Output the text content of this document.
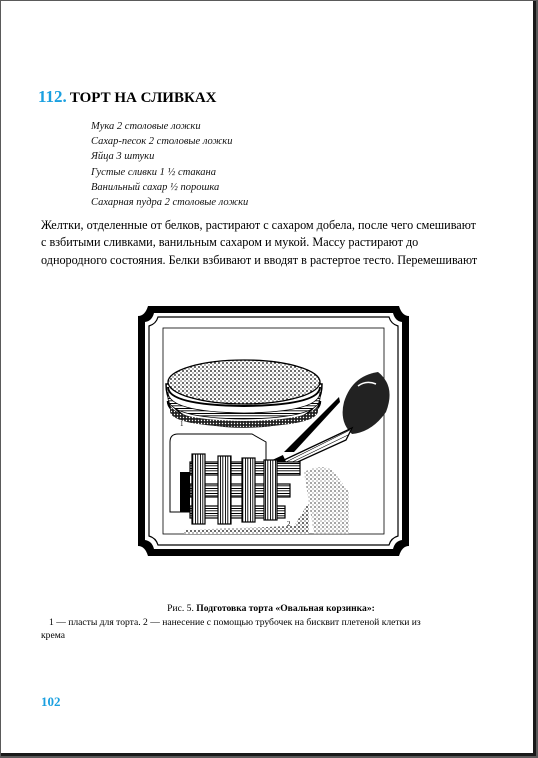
112. ТОРТ НА СЛИВКАХ
Мука 2 столовые ложки
Сахар-песок 2 столовые ложки
Яйца 3 штуки
Густые сливки 1 ½ стакана
Ванильный сахар ½ порошка
Сахарная пудра 2 столовые ложки
Желтки, отделенные от белков, растирают с сахаром добела, после чего смешивают
с взбитыми сливками, ванильным сахаром и мукой. Массу растирают до
однородного состояния. Белки взбивают и вводят в растертое тесто. Перемешивают
1
2
Рис. 5. Подготовка торта «Овальная корзинка»:
1 — пласты для торта. 2 — нанесение с помощью трубочек на бисквит плетеной клетки из
крема
102
